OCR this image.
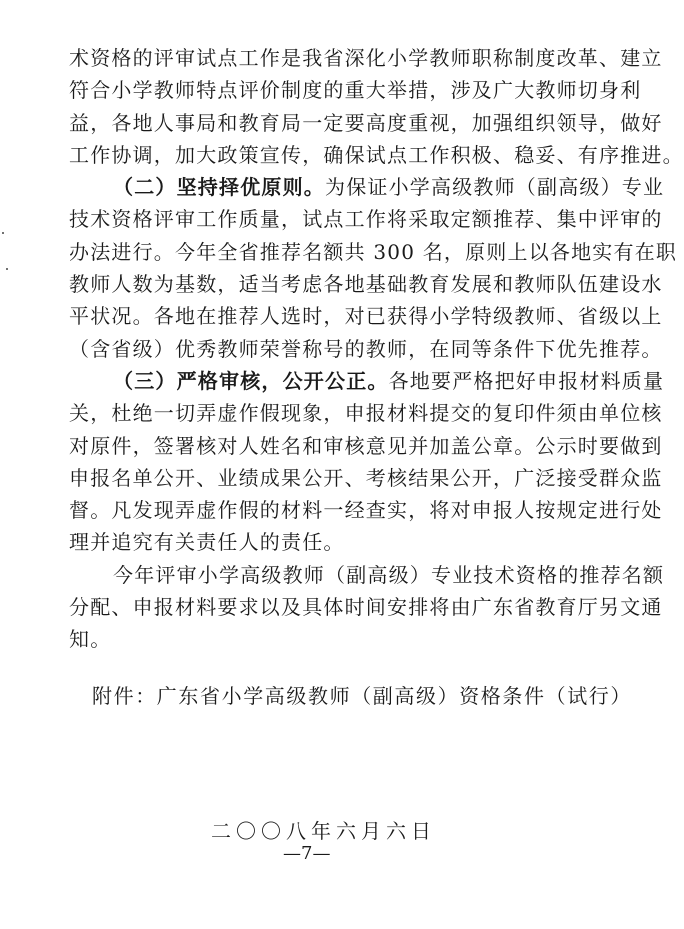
术资格的评审试点工作是我省深化小学教师职称制度改革、建立
符合小学教师特点评价制度的重大举措，涉及广大教师切身利
益，各地人事局和教育局一定要高度重视，加强组织领导，做好
工作协调，加大政策宣传，确保试点工作积极、稳妥、有序推进。
（二）坚持择优原则。为保证小学高级教师（副高级）专业
技术资格评审工作质量，试点工作将采取定额推荐、集中评审的
办法进行。今年全省推荐名额共 300 名，原则上以各地实有在职
教师人数为基数，适当考虑各地基础教育发展和教师队伍建设水
平状况。各地在推荐人选时，对已获得小学特级教师、省级以上
（含省级）优秀教师荣誉称号的教师，在同等条件下优先推荐。
（三）严格审核，公开公正。各地要严格把好申报材料质量
关，杜绝一切弄虚作假现象，申报材料提交的复印件须由单位核
对原件，签署核对人姓名和审核意见并加盖公章。公示时要做到
申报名单公开、业绩成果公开、考核结果公开，广泛接受群众监
督。凡发现弄虚作假的材料一经查实，将对申报人按规定进行处
理并追究有关责任人的责任。
今年评审小学高级教师（副高级）专业技术资格的推荐名额
分配、申报材料要求以及具体时间安排将由广东省教育厅另文通
知。
附件：广东省小学高级教师（副高级）资格条件（试行）
二〇〇八年六月六日
—7—
